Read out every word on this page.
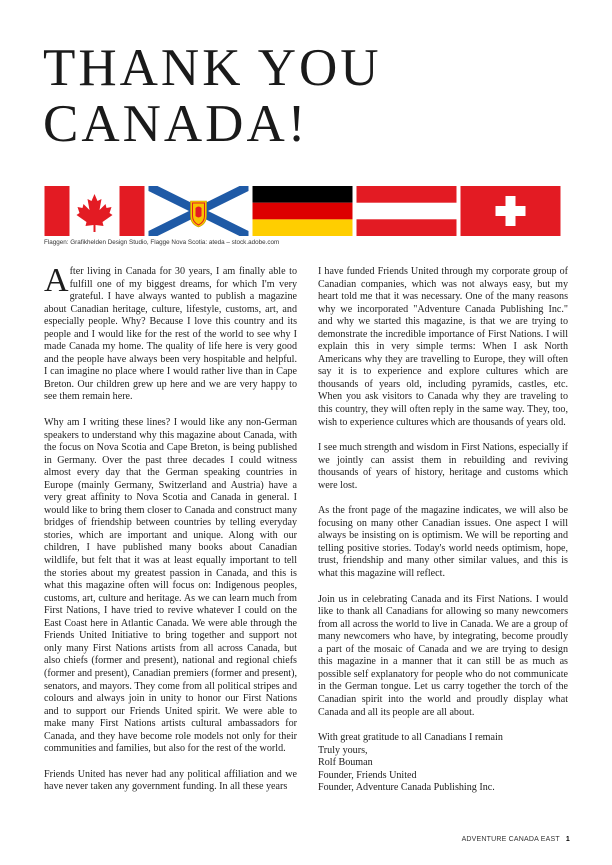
THANK YOU
CANADA!
Flaggen: Grafikhelden Design Studio, Flagge Nova Scotia: ateda – stock.adobe.com

After living in Canada for 30 years, I am finally able to fulfill one of my biggest dreams, for which I'm very grateful. I have always wanted to publish a magazine about Canadian heritage, culture, lifestyle, customs, art, and especially people. Why? Because I love this country and its people and I would like for the rest of the world to see why I made Canada my home. The quality of life here is very good and the people have always been very hospitable and helpful. I can imagine no place where I would rather live than in Cape Breton. Our children grew up here and we are very happy to see them remain here.

Why am I writing these lines? I would like any non-German speakers to understand why this magazine about Canada, with the focus on Nova Scotia and Cape Breton, is being published in Germany. Over the past three decades I could witness almost every day that the German speaking countries in Europe (mainly Germany, Switzerland and Austria) have a very great affinity to Nova Scotia and Canada in general. I would like to bring them closer to Canada and construct many bridges of friendship between countries by telling everyday stories, which are important and unique. Along with our children, I have published many books about Canadian wildlife, but felt that it was at least equally important to tell the stories about my greatest passion in Canada, and this is what this magazine often will focus on: Indigenous peoples, customs, art, culture and heritage. As we can learn much from First Nations, I have tried to revive whatever I could on the East Coast here in Atlantic Canada. We were able through the Friends United Initiative to bring together and support not only many First Nations artists from all across Canada, but also chiefs (former and present), national and regional chiefs (former and present), Canadian premiers (former and present), senators, and mayors. They come from all political stripes and colours and always join in unity to honor our First Nations and to support our Friends United spirit. We were able to make many First Nations artists cultural ambassadors for Canada, and they have become role models not only for their communities and families, but also for the rest of the world.

Friends United has never had any political affiliation and we have never taken any government funding. In all these years

I have funded Friends United through my corporate group of Canadian companies, which was not always easy, but my heart told me that it was necessary. One of the many reasons why we incorporated "Adventure Canada Publishing Inc." and why we started this magazine, is that we are trying to demonstrate the incredible importance of First Nations. I will explain this in very simple terms: When I ask North Americans why they are travelling to Europe, they will often say it is to experience and explore cultures which are thousands of years old, including pyramids, castles, etc. When you ask visitors to Canada why they are traveling to this country, they will often reply in the same way. They, too, wish to experience cultures which are thousands of years old.

I see much strength and wisdom in First Nations, especially if we jointly can assist them in rebuilding and reviving thousands of years of history, heritage and customs which were lost.

As the front page of the magazine indicates, we will also be focusing on many other Canadian issues. One aspect I will always be insisting on is optimism. We will be reporting and telling positive stories. Today's world needs optimism, hope, trust, friendship and many other similar values, and this is what this magazine will reflect.

Join us in celebrating Canada and its First Nations. I would like to thank all Canadians for allowing so many newcomers from all across the world to live in Canada. We are a group of many newcomers who have, by integrating, become proudly a part of the mosaic of Canada and we are trying to design this magazine in a manner that it can still be as much as possible self explanatory for people who do not communicate in the German tongue. Let us carry together the torch of the Canadian spirit into the world and proudly display what Canada and all its people are all about.

With great gratitude to all Canadians I remain

Truly yours,

Rolf Bouman

Founder, Friends United

Founder, Adventure Canada Publishing Inc.

ADVENTURE CANADA EAST 1
